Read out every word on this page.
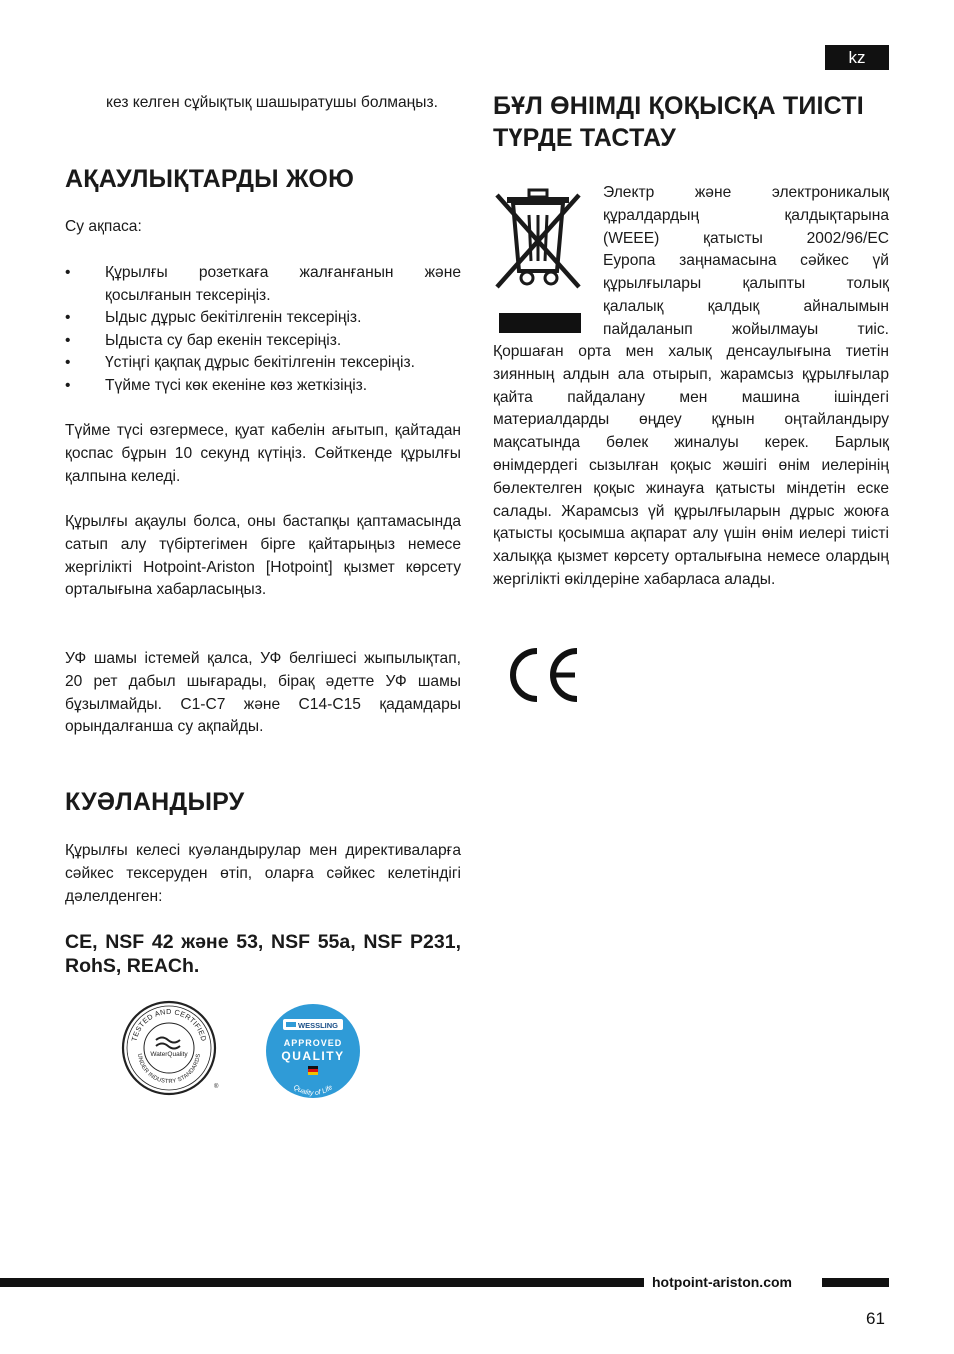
kz
кез келген сұйықтық шашыратушы болмаңыз.
АҚАУЛЫҚТАРДЫ ЖОЮ
Су ақпаса:
• Құрылғы розеткаға жалғанғанын және қосылғанын тексеріңіз.
• Ыдыс дұрыс бекітілгенін тексеріңіз.
• Ыдыста су бар екенін тексеріңіз.
• Үстіңгі қақпақ дұрыс бекітілгенін тексеріңіз.
• Түйме түсі көк екеніне көз жеткізіңіз.
Түйме түсі өзгермесе, қуат кабелін ағытып, қайтадан қоспас бұрын 10 секунд күтіңіз. Сөйткенде құрылғы қалпына келеді.
Құрылғы ақаулы болса, оны бастапқы қаптамасында сатып алу түбіртегімен бірге қайтарыңыз немесе жергілікті Hotpoint-Ariston [Hotpoint] қызмет көрсету орталығына хабарласыңыз.
УФ шамы істемей қалса, УФ белгішесі жыпылықтап, 20 рет дабыл шығарады, бірақ әдетте УФ шамы бұзылмайды. С1-С7 және С14-С15 қадамдары орындалғанша су ақпайды.
КУӘЛАНДЫРУ
Құрылғы келесі куәландырулар мен директиваларға сәйкес тексеруден өтіп, оларға сәйкес келетіндігі дәлелденген:
CE, NSF 42 және 53, NSF 55a, NSF P231, RohS, REACh.
TESTED AND CERTIFIED
UNDER INDUSTRY STANDARDS
WaterQuality
®
WESSLING
APPROVED
QUALITY
Quality of Life
БҰЛ ӨНІМДІ ҚОҚЫСҚА ТИІСТІ
ТҮРДЕ ТАСТАУ
Электр және электроникалық
құралдардың қалдықтарына
(WEEE) қатысты 2002/96/EC
Еуропа заңнамасына сәйкес үй
құрылғылары қалыпты толық
қалалық қалдық айналымын
пайдаланып жойылмауы тиіс.
Қоршаған орта мен халық денсаулығына тиетін зиянның алдын ала отырып, жарамсыз құрылғылар қайта пайдалану мен машина ішіндегі материалдарды өңдеу құнын оңтайландыру мақсатында бөлек жиналуы керек. Барлық өнімдердегі сызылған қоқыс жәшігі өнім иелерінің бөлектелген қоқыс жинауға қатысты міндетін еске салады. Жарамсыз үй құрылғыларын дұрыс жоюға қатысты қосымша ақпарат алу үшін өнім иелері тиісті халыққа қызмет көрсету орталығына немесе олардың жергілікті өкілдеріне хабарласа алады.
hotpoint-ariston.com
61
